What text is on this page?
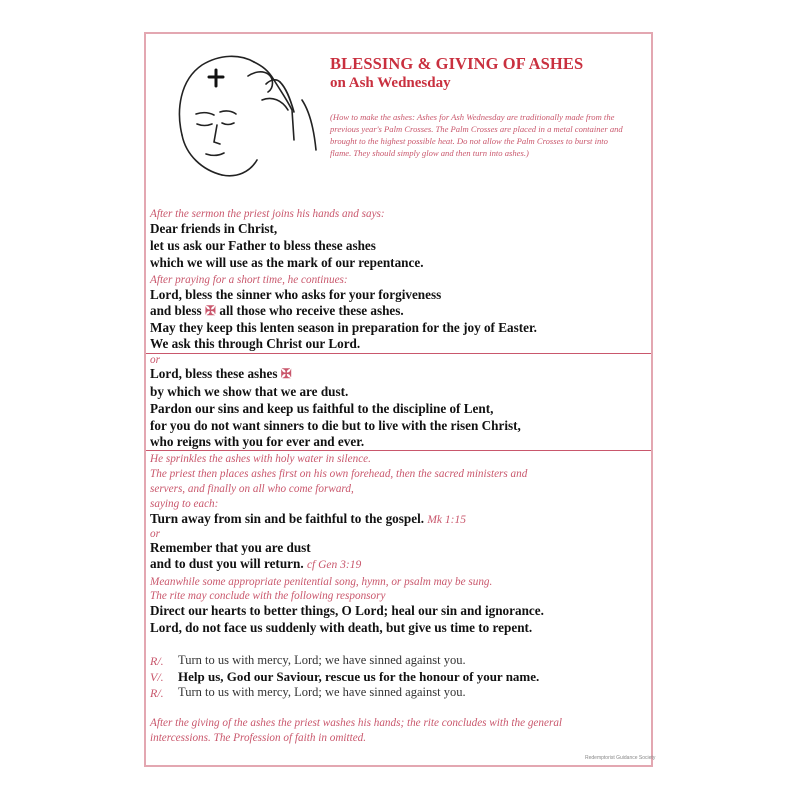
BLESSING & GIVING OF ASHES
on Ash Wednesday
(How to make the ashes: Ashes for Ash Wednesday are traditionally made from the previous year's Palm Crosses. The Palm Crosses are placed in a metal container and brought to the highest possible heat. Do not allow the Palm Crosses to burst into flame. They should simply glow and then turn into ashes.)
After the sermon the priest joins his hands and says:
Dear friends in Christ,
let us ask our Father to bless these ashes
which we will use as the mark of our repentance.
After praying for a short time, he continues:
Lord, bless the sinner who asks for your forgiveness
and bless ✠ all those who receive these ashes.
May they keep this lenten season in preparation for the joy of Easter.
We ask this through Christ our Lord.
or
Lord, bless these ashes ✠
by which we show that we are dust.
Pardon our sins and keep us faithful to the discipline of Lent,
for you do not want sinners to die but to live with the risen Christ,
who reigns with you for ever and ever.
He sprinkles the ashes with holy water in silence.
The priest then places ashes first on his own forehead, then the sacred ministers and
servers, and finally on all who come forward,
saying to each:
Turn away from sin and be faithful to the gospel. Mk 1:15
or
Remember that you are dust
and to dust you will return. cf Gen 3:19
Meanwhile some appropriate penitential song, hymn, or psalm may be sung.
The rite may conclude with the following responsory
Direct our hearts to better things, O Lord; heal our sin and ignorance.
Lord, do not face us suddenly with death, but give us time to repent.
R/. Turn to us with mercy, Lord; we have sinned against you.
V/. Help us, God our Saviour, rescue us for the honour of your name.
R/. Turn to us with mercy, Lord; we have sinned against you.
After the giving of the ashes the priest washes his hands; the rite concludes with the general
intercessions. The Profession of faith in omitted.
Redemptorist Guidance Society
